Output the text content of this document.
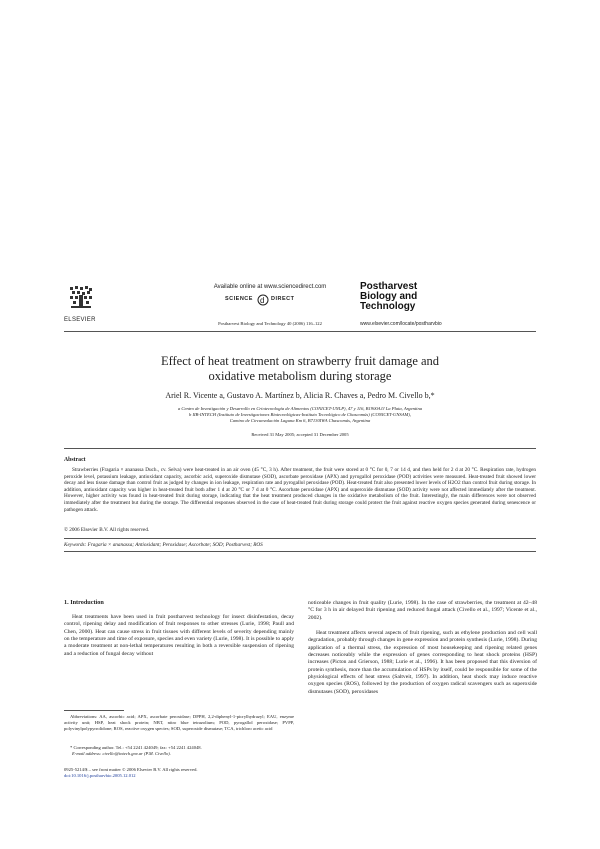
Available online at www.sciencedirect.com
SCIENCE d DIRECT
ELSEVIER
Postharvest Biology and Technology 40 (2006) 116–122
Postharvest
Biology and
Technology
www.elsevier.com/locate/postharvbio
Effect of heat treatment on strawberry fruit damage and
oxidative metabolism during storage
Ariel R. Vicente a, Gustavo A. Martínez b, Alicia R. Chaves a, Pedro M. Civello b,*
a Centro de Investigación y Desarrollo en Criotecnología de Alimentos (CONICET-UNLP), 47 y 116, B1900AJJ La Plata, Argentina
b IIB-INTECH (Instituto de Investigaciones Biotecnológicas-Instituto Tecnológico de Chascomús) (CONICET-UNSAM),
Camino de Circunvalación Laguna Km 6, B7130IWA Chascomús, Argentina
Received 31 May 2005; accepted 31 December 2005
Abstract
Strawberries (Fragaria × ananassa Duch., cv. Selva) were heat-treated in an air oven (45 °C, 3 h). After treatment, the fruit were stored at 0 °C for 0, 7 or 14 d, and then held for 2 d at 20 °C. Respiration rate, hydrogen peroxide level, potassium leakage, antioxidant capacity, ascorbic acid, superoxide dismutase (SOD), ascorbate peroxidase (APX) and pyrogallol peroxidase (POD) activities were measured. Heat-treated fruit showed lower decay and less tissue damage than control fruit as judged by changes in ion leakage, respiration rate and pyrogallol peroxidase (POD). Heat-treated fruit also presented lower levels of H2O2 than control fruit during storage. In addition, antioxidant capacity was higher in heat-treated fruit both after 1 d at 20 °C or 7 d at 0 °C. Ascorbate peroxidase (APX) and superoxide dismutase (SOD) activity were not affected immediately after the treatment. However, higher activity was found in heat-treated fruit during storage, indicating that the heat treatment produced changes in the oxidative metabolism of the fruit. Interestingly, the main differences were not observed immediately after the treatment but during the storage. The differential responses observed in the case of heat-treated fruit during storage could protect the fruit against reactive oxygen species generated during senescence or pathogen attack.
© 2006 Elsevier B.V. All rights reserved.
Keywords: Fragaria × ananassa; Antioxidant; Peroxidase; Ascorbate; SOD; Postharvest; ROS
1. Introduction
Heat treatments have been used in fruit postharvest technology for insect disinfestation, decay control, ripening delay and modification of fruit responses to other stresses (Lurie, 1998; Paull and Chen, 2000). Heat can cause stress in fruit tissues with different levels of severity depending mainly on the temperature and time of exposure, species and even variety (Lurie, 1998). It is possible to apply a moderate treatment at non-lethal temperatures resulting in both a reversible suspension of ripening and a reduction of fungal decay without
noticeable changes in fruit quality (Lurie, 1998). In the case of strawberries, the treatment at 42–48 °C for 3 h in air delayed fruit ripening and reduced fungal attack (Civello et al., 1997; Vicente et al., 2002).
Heat treatment affects several aspects of fruit ripening, such as ethylene production and cell wall degradation, probably through changes in gene expression and protein synthesis (Lurie, 1998). During application of a thermal stress, the expression of most housekeeping and ripening related genes decreases noticeably while the expression of genes corresponding to heat shock proteins (HSP) increases (Picton and Grierson, 1988; Lurie et al., 1996). It has been proposed that this diversion of protein synthesis, more than the accumulation of HSPs by itself, could be responsible for some of the physiological effects of heat stress (Saltveit, 1997). In addition, heat shock may induce reactive oxygen species (ROS), followed by the production of oxygen radical scavengers such as superoxide dismutases (SOD), peroxidases
Abbreviations: AA, ascorbic acid; APX, ascorbate peroxidase; DPPH, 2,2-diphenyl-1-picrylhydrazyl; EAU, enzyme activity unit; HSP, heat shock protein; NBT, nitro blue tetrazolium; POD, pyrogallol peroxidase; PVPP, polyvinylpolypyrrolidone; ROS, reactive oxygen species; SOD, superoxide dismutase; TCA, trichloro acetic acid
* Corresponding author. Tel.: +54 2241 424049; fax: +54 2241 424048.
E-mail address: civello@intech.gov.ar (P.M. Civello).
0925-5214/$ – see front matter © 2006 Elsevier B.V. All rights reserved.
doi:10.1016/j.postharvbio.2005.12.012
